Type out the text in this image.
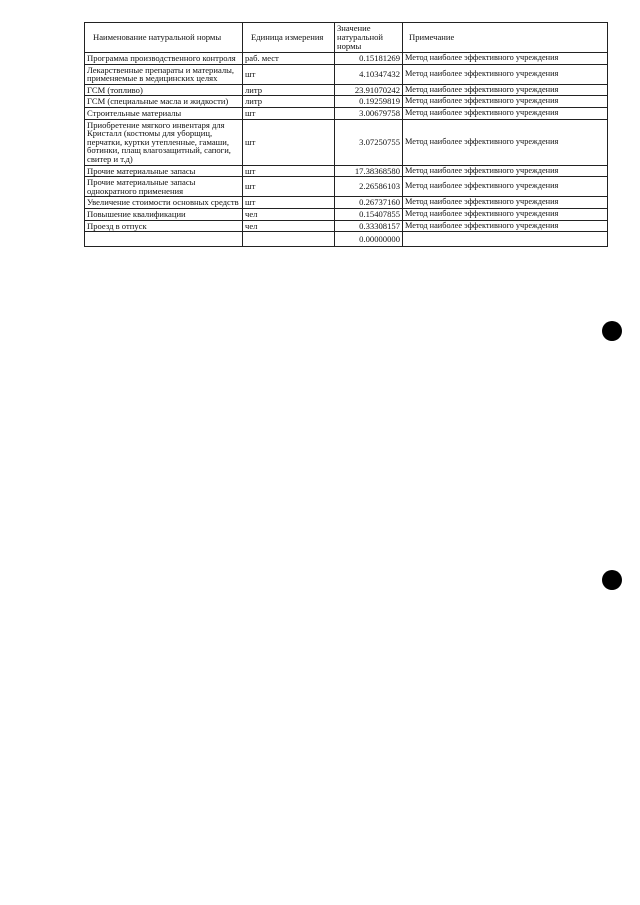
Наименование натуральной нормы	Единица измерения	Значение натуральной нормы	Примечание
Программа производственного контроля	раб. мест	0.15181269	Метод наиболее эффективного учреждения
Лекарственные препараты и материалы, применяемые в медицинских целях	шт	4.10347432	Метод наиболее эффективного учреждения
ГСМ (топливо)	литр	23.91070242	Метод наиболее эффективного учреждения
ГСМ (специальные масла и жидкости)	литр	0.19259819	Метод наиболее эффективного учреждения
Строительные материалы	шт	3.00679758	Метод наиболее эффективного учреждения
Приобретение мягкого инвентаря для Кристалл (костюмы для уборщиц, перчатки, куртки утепленные, гамаши, ботинки, плащ влагозащитный, сапоги, свитер и т.д)	шт	3.07250755	Метод наиболее эффективного учреждения
Прочие материальные запасы	шт	17.38368580	Метод наиболее эффективного учреждения
Прочие материальные запасы однократного применения	шт	2.26586103	Метод наиболее эффективного учреждения
Увеличение стоимости основных средств	шт	0.26737160	Метод наиболее эффективного учреждения
Повышение квалификации	чел	0.15407855	Метод наиболее эффективного учреждения
Проезд в отпуск	чел	0.33308157	Метод наиболее эффективного учреждения
		0.00000000	
